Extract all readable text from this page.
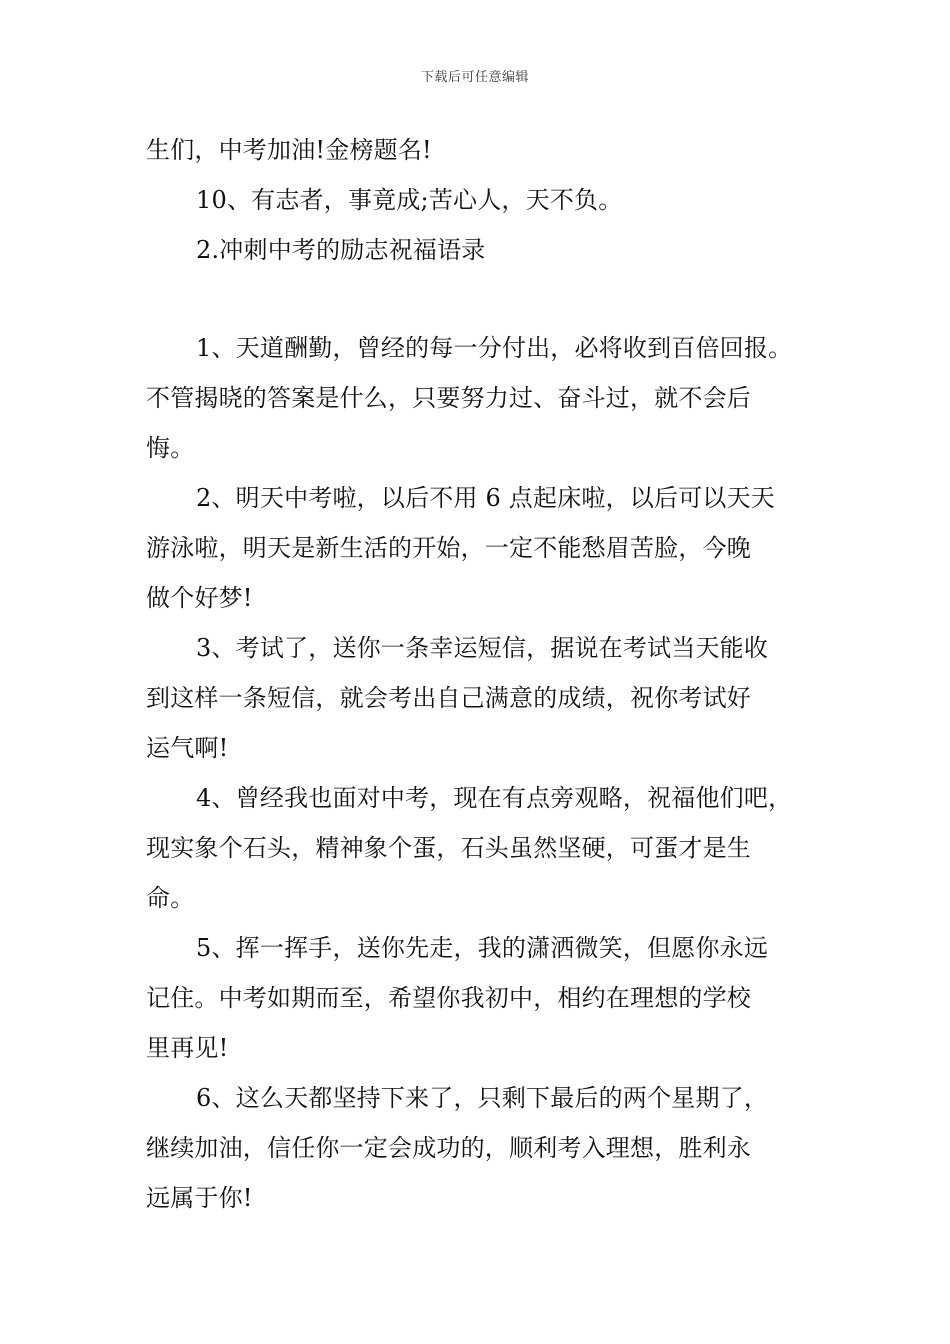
下载后可任意编辑
生们，中考加油!金榜题名!
10、有志者，事竟成;苦心人，天不负。
2.冲刺中考的励志祝福语录
1、天道酬勤，曾经的每一分付出，必将收到百倍回报。
不管揭晓的答案是什么，只要努力过、奋斗过，就不会后
悔。
2、明天中考啦，以后不用 6 点起床啦，以后可以天天
游泳啦，明天是新生活的开始，一定不能愁眉苦脸，今晚
做个好梦!
3、考试了，送你一条幸运短信，据说在考试当天能收
到这样一条短信，就会考出自己满意的成绩，祝你考试好
运气啊!
4、曾经我也面对中考，现在有点旁观略，祝福他们吧，
现实象个石头，精神象个蛋，石头虽然坚硬，可蛋才是生
命。
5、挥一挥手，送你先走，我的潇洒微笑，但愿你永远
记住。中考如期而至，希望你我初中，相约在理想的学校
里再见!
6、这么天都坚持下来了，只剩下最后的两个星期了，
继续加油，信任你一定会成功的，顺利考入理想，胜利永
远属于你!
